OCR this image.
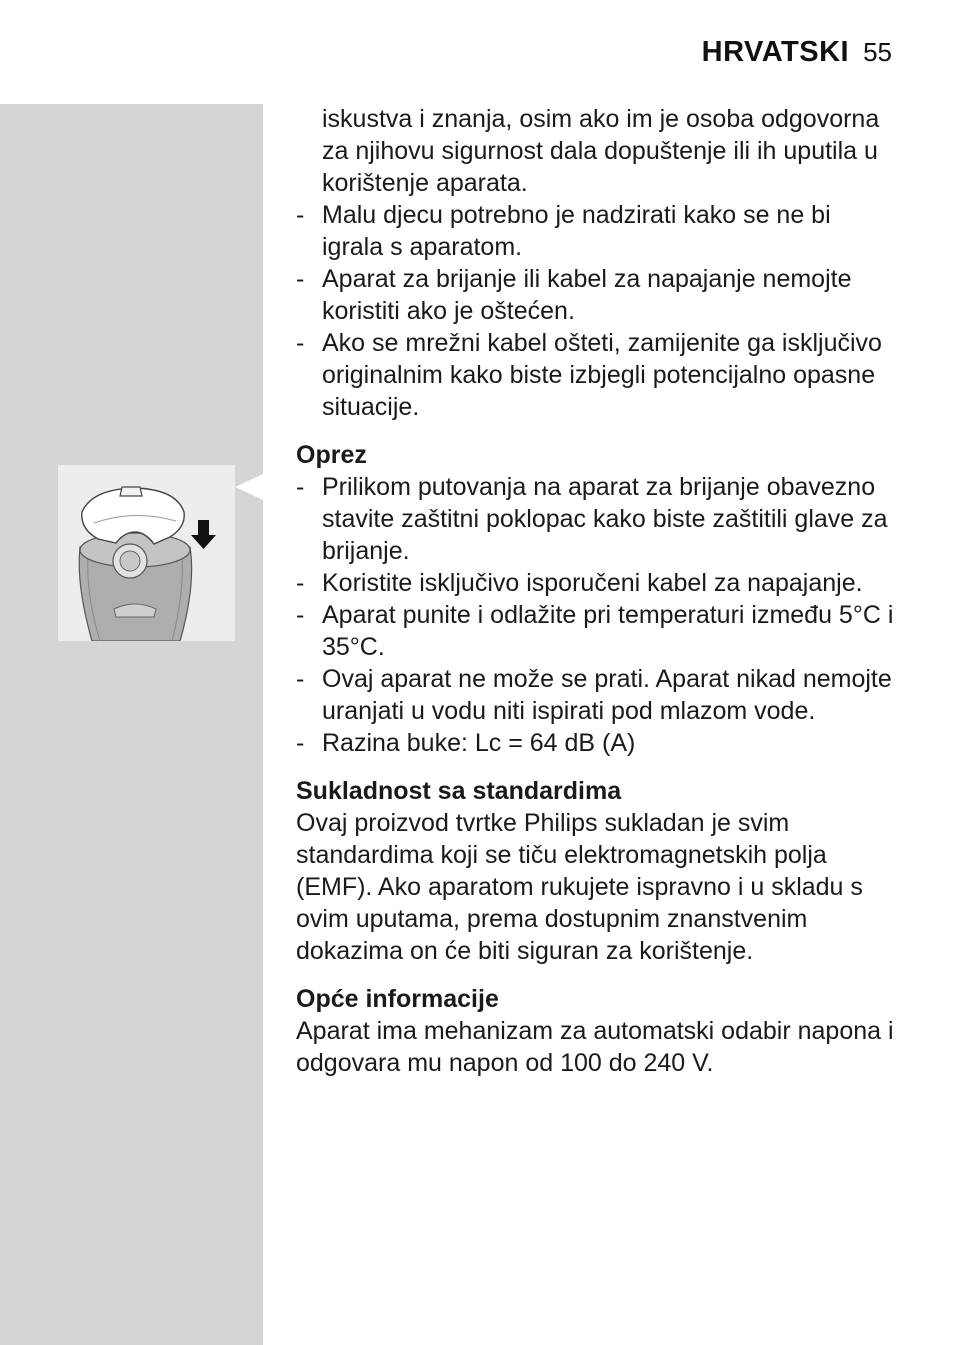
HRVATSKI 55

iskustva i znanja, osim ako im je osoba odgovorna za njihovu sigurnost dala dopuštenje ili ih uputila u korištenje aparata.

- Malu djecu potrebno je nadzirati kako se ne bi igrala s aparatom.
- Aparat za brijanje ili kabel za napajanje nemojte koristiti ako je oštećen.
- Ako se mrežni kabel ošteti, zamijenite ga isključivo originalnim kako biste izbjegli potencijalno opasne situacije.

Oprez

- Prilikom putovanja na aparat za brijanje obavezno stavite zaštitni poklopac kako biste zaštitili glave za brijanje.
- Koristite isključivo isporučeni kabel za napajanje.
- Aparat punite i odlažite pri temperaturi između 5°C i 35°C.
- Ovaj aparat ne može se prati. Aparat nikad nemojte uranjati u vodu niti ispirati pod mlazom vode.
- Razina buke: Lc = 64 dB (A)

Sukladnost sa standardima

Ovaj proizvod tvrtke Philips sukladan je svim standardima koji se tiču elektromagnetskih polja (EMF). Ako aparatom rukujete ispravno i u skladu s ovim uputama, prema dostupnim znanstvenim dokazima on će biti siguran za korištenje.

Opće informacije

Aparat ima mehanizam za automatski odabir napona i odgovara mu napon od 100 do 240 V.
